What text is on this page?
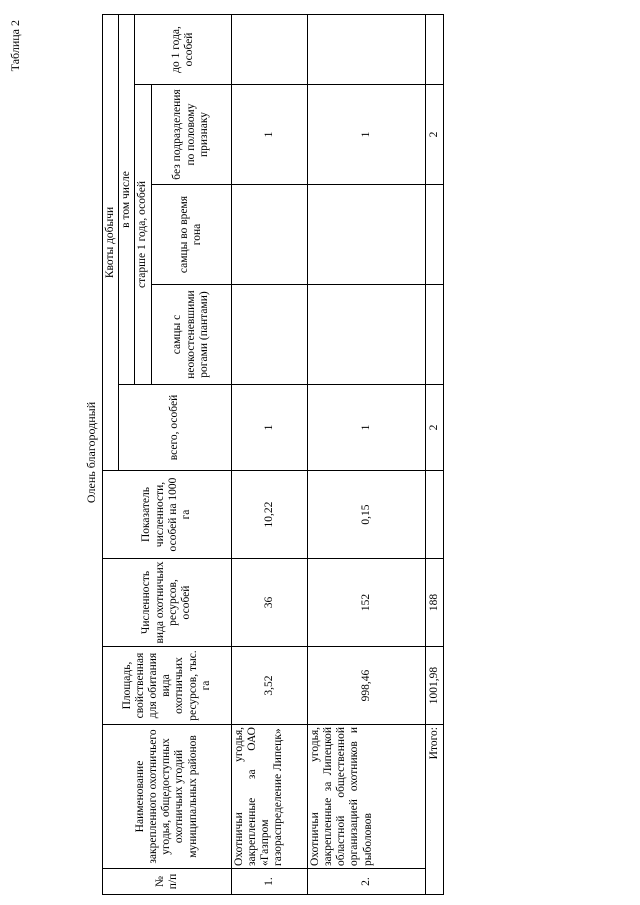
Таблица 2
Олень благородный
№ п/п	Наименование закрепленного охотничьего угодья, общедоступных охотничьих угодий муниципальных районов	Площадь, свойственная для обитания вида охотничьих ресурсов, тыс. га	Численность вида охотничьих ресурсов, особей	Показатель численности, особей на 1000 га	Квоты добычи				
					всего, особей	в том числе			
						старше 1 года, особей			до 1 года, особей
						самцы с неокостеневшими рогами (пантами)	самцы во время гона	без подразделения по половому признаку	
1.	Охотничьи угодья, закрепленные за ОАО «Газпром газораспределение Липецк»	3,52	36	10,22	1			1	
2.	Охотничьи угодья, закрепленные за Липецкой областной общественной организацией охотников и рыболовов	998,46	152	0,15	1			1	
Итого:		1001,98	188		2			2	
